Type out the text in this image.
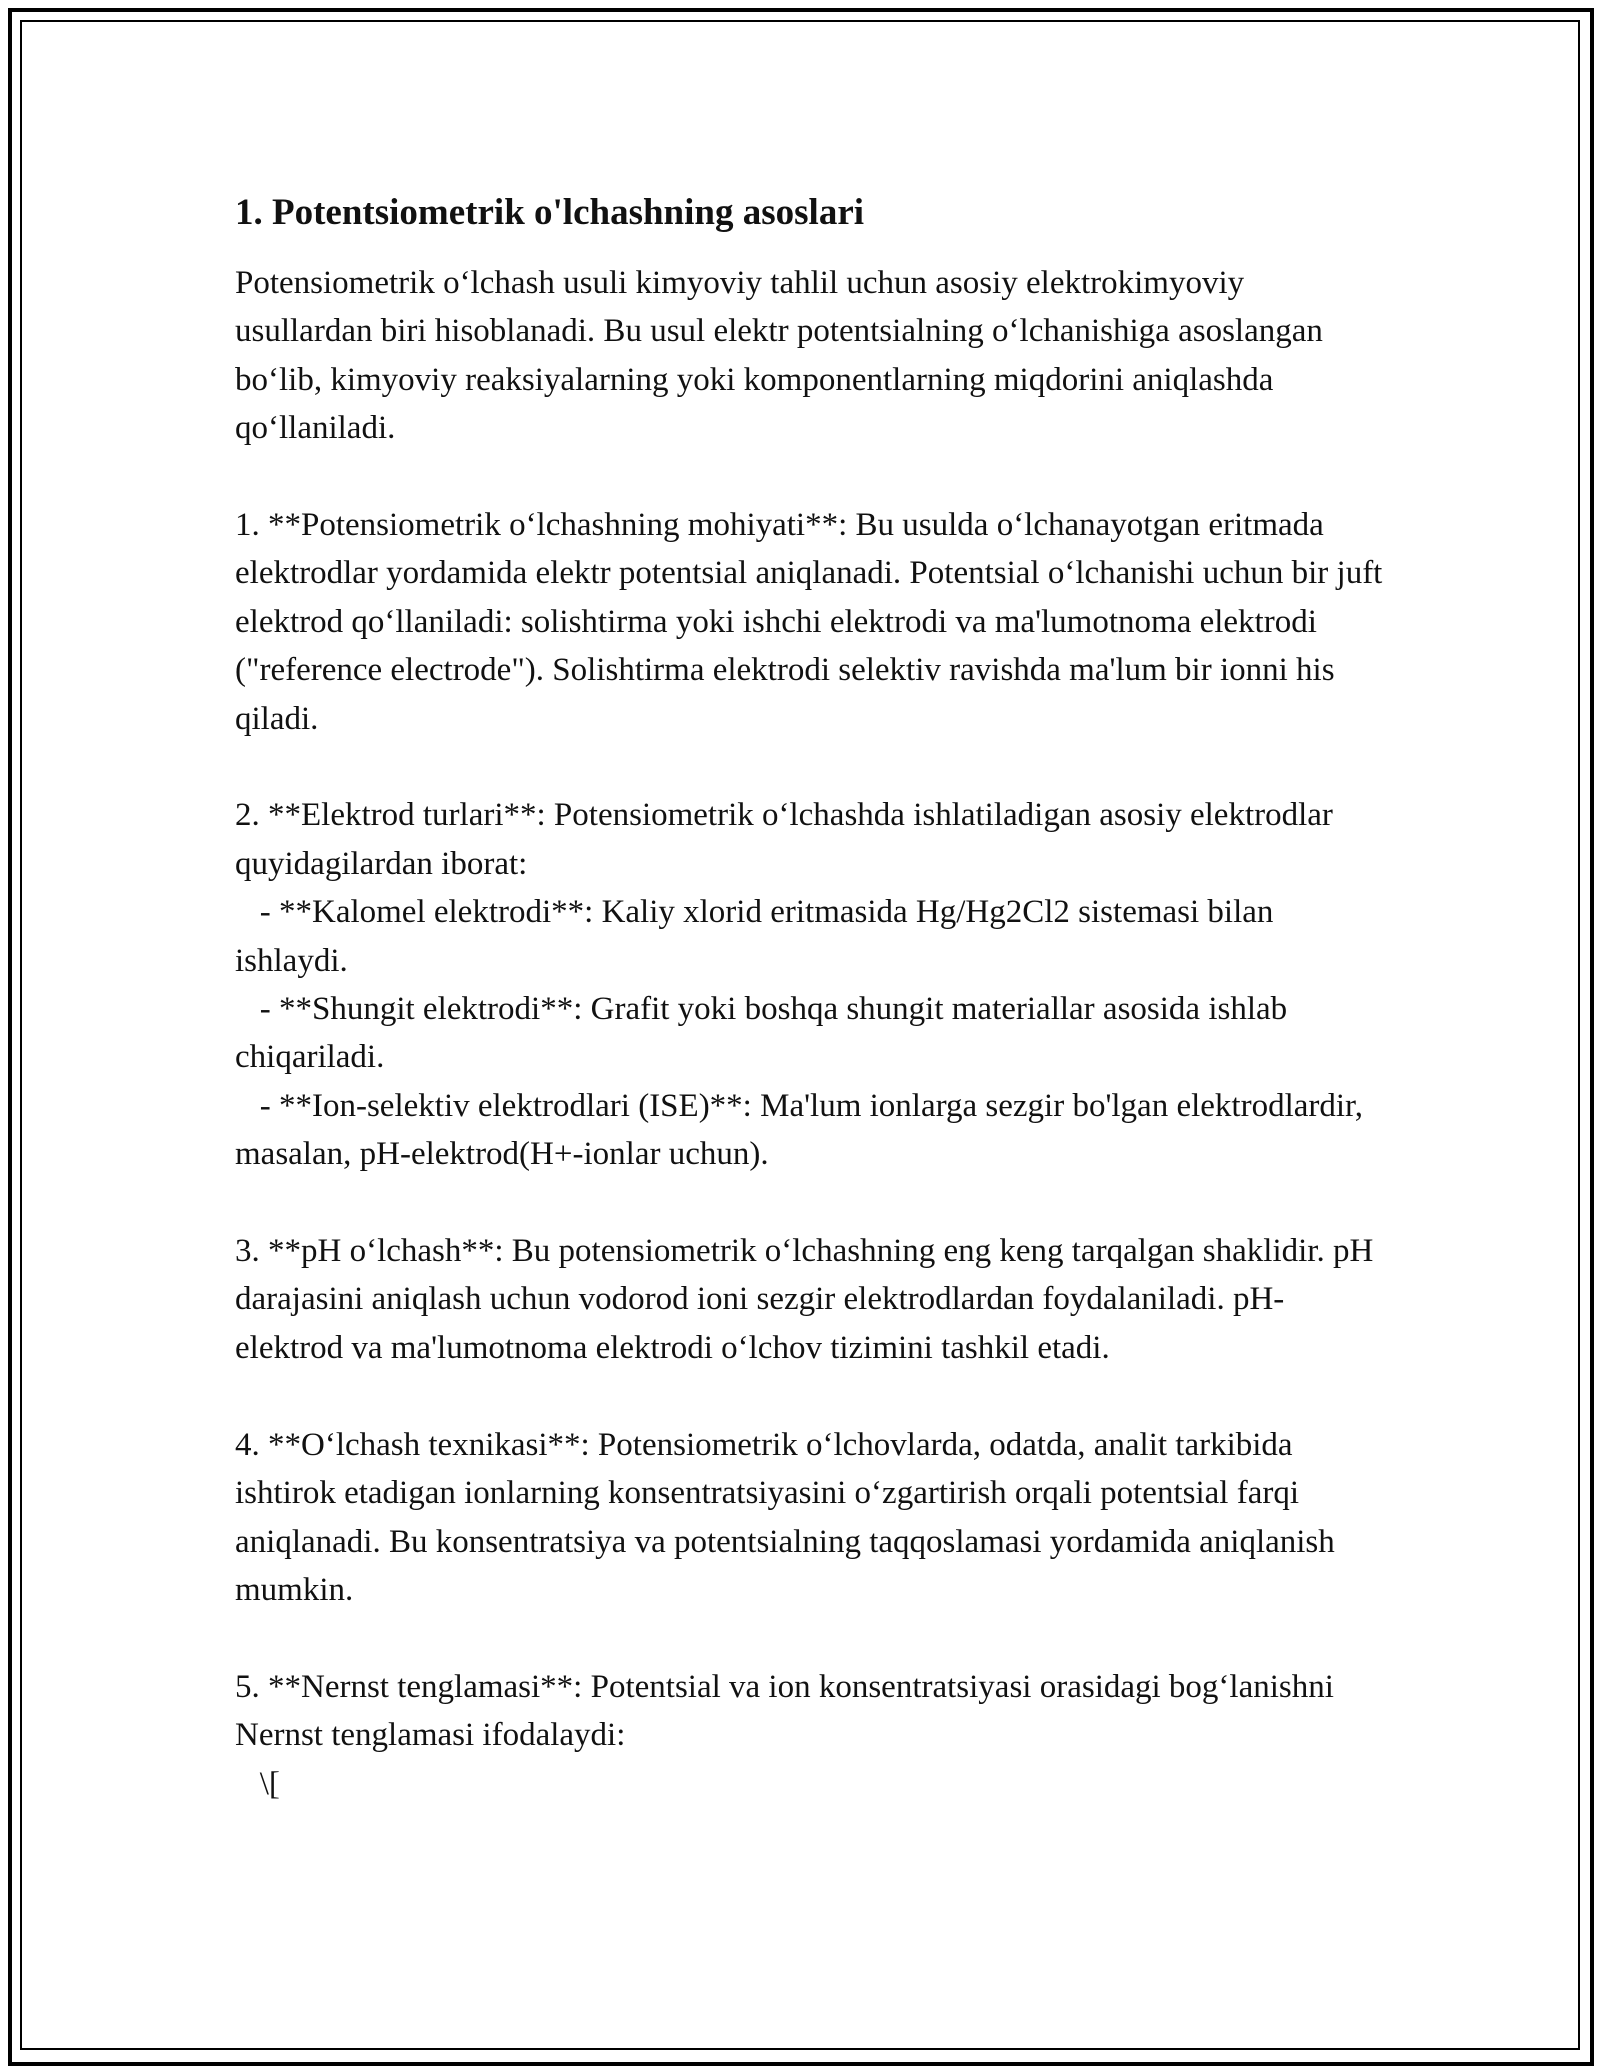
1. Potentsiometrik o'lchashning asoslari

Potensiometrik o‘lchash usuli kimyoviy tahlil uchun asosiy elektrokimyoviy usullardan biri hisoblanadi. Bu usul elektr potentsialning o‘lchanishiga asoslangan bo‘lib, kimyoviy reaksiyalarning yoki komponentlarning miqdorini aniqlashda qo‘llaniladi.

1. **Potensiometrik o‘lchashning mohiyati**: Bu usulda o‘lchanayotgan eritmada elektrodlar yordamida elektr potentsial aniqlanadi. Potentsial o‘lchanishi uchun bir juft elektrod qo‘llaniladi: solishtirma yoki ishchi elektrodi va ma'lumotnoma elektrodi ("reference electrode"). Solishtirma elektrodi selektiv ravishda ma'lum bir ionni his qiladi.

2. **Elektrod turlari**: Potensiometrik o‘lchashda ishlatiladigan asosiy elektrodlar quyidagilardan iborat:
- **Kalomel elektrodi**: Kaliy xlorid eritmasida Hg/Hg2Cl2 sistemasi bilan ishlaydi.
- **Shungit elektrodi**: Grafit yoki boshqa shungit materiallar asosida ishlab chiqariladi.
- **Ion-selektiv elektrodlari (ISE)**: Ma'lum ionlarga sezgir bo'lgan elektrodlardir, masalan, pH-elektrod(H+-ionlar uchun).

3. **pH o‘lchash**: Bu potensiometrik o‘lchashning eng keng tarqalgan shaklidir. pH darajasini aniqlash uchun vodorod ioni sezgir elektrodlardan foydalaniladi. pH-elektrod va ma'lumotnoma elektrodi o‘lchov tizimini tashkil etadi.

4. **O‘lchash texnikasi**: Potensiometrik o‘lchovlarda, odatda, analit tarkibida ishtirok etadigan ionlarning konsentratsiyasini o‘zgartirish orqali potentsial farqi aniqlanadi. Bu konsentratsiya va potentsialning taqqoslamasi yordamida aniqlanish mumkin.

5. **Nernst tenglamasi**: Potentsial va ion konsentratsiyasi orasidagi bog‘lanishni Nernst tenglamasi ifodalaydi:
\[
